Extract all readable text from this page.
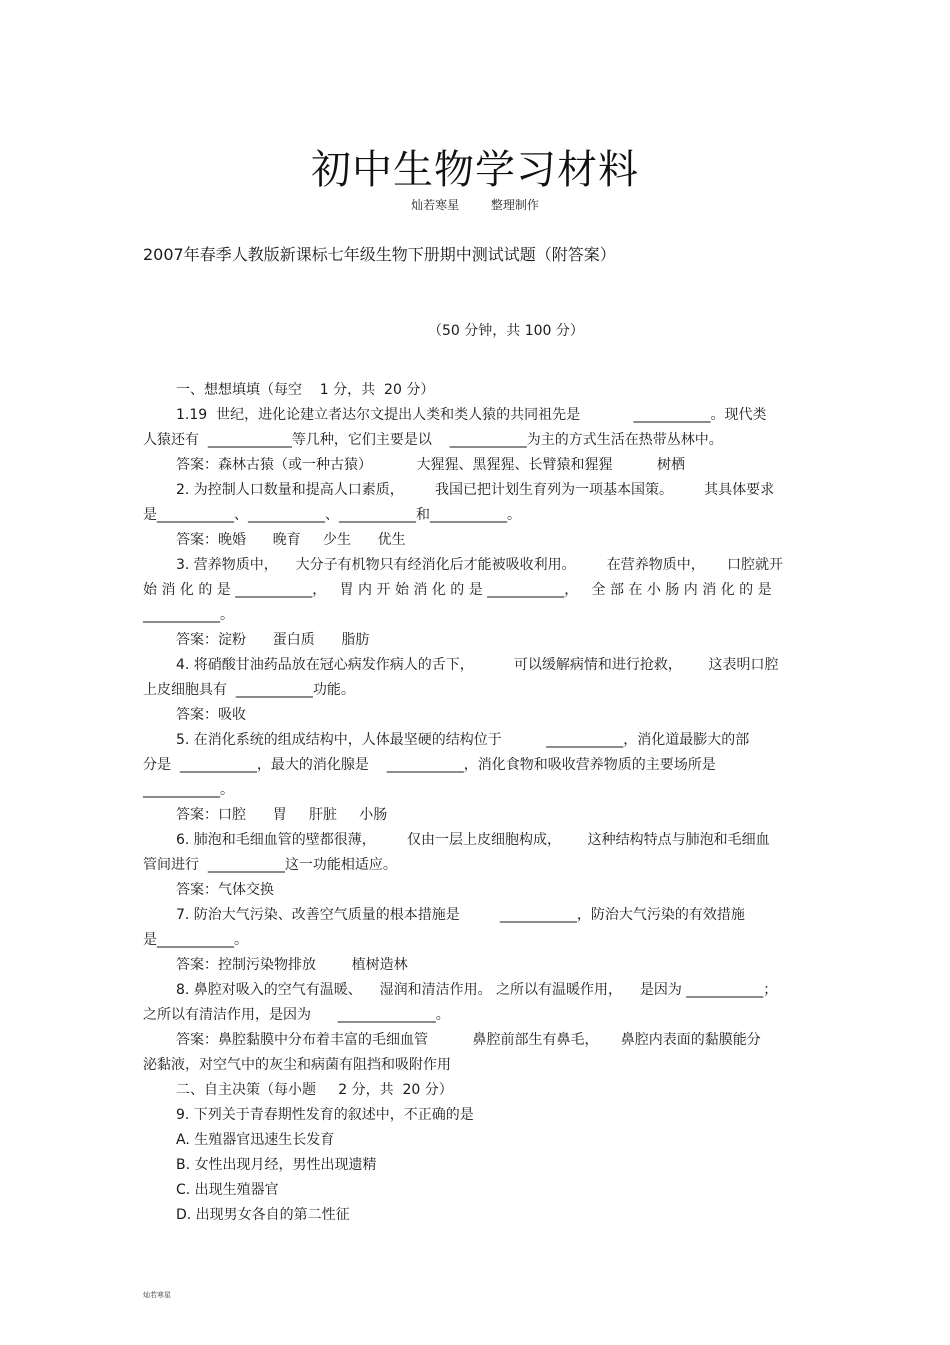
初中生物学习材料
灿若寒星	整理制作
2007年春季人教版新课标七年级生物下册期中测试试题（附答案）
（50 分钟，共 100 分）
一、想想填填（每空    1 分，共  20 分）
1.19  世纪，进化论建立者达尔文提出人类和类人猿的共同祖先是            ___________。现代类
人猿还有  ____________等几种，它们主要是以    ___________为主的方式生活在热带丛林中。
答案：森林古猿（或一种古猿）          大猩猩、黑猩猩、长臂猿和猩猩          树栖
2. 为控制人口数量和提高人口素质，       我国已把计划生育列为一项基本国策。       其具体要求
是___________、___________、___________和___________。
答案：晚婚      晚育     少生      优生
3. 营养物质中，    大分子有机物只有经消化后才能被吸收利用。       在营养物质中，     口腔就开
始 消 化 的 是 ___________，   胃 内 开 始 消 化 的 是 ___________，   全 部 在 小 肠 内 消 化 的 是
___________。
答案：淀粉      蛋白质      脂肪
4. 将硝酸甘油药品放在冠心病发作病人的舌下，         可以缓解病情和进行抢救，      这表明口腔
上皮细胞具有  ___________功能。
答案：吸收
5. 在消化系统的组成结构中，人体最坚硬的结构位于          ___________，消化道最膨大的部
分是  ___________，最大的消化腺是    ___________，消化食物和吸收营养物质的主要场所是
___________。
答案：口腔      胃     肝脏     小肠
6. 肺泡和毛细血管的壁都很薄，       仅由一层上皮细胞构成，      这种结构特点与肺泡和毛细血
管间进行  ___________这一功能相适应。
答案：气体交换
7. 防治大气污染、改善空气质量的根本措施是         ___________，防治大气污染的有效措施
是___________。
答案：控制污染物排放        植树造林
8. 鼻腔对吸入的空气有温暖、    湿润和清洁作用。 之所以有温暖作用，    是因为 ___________；
之所以有清洁作用，是因为      ______________。
答案：鼻腔黏膜中分布着丰富的毛细血管          鼻腔前部生有鼻毛，     鼻腔内表面的黏膜能分
泌黏液，对空气中的灰尘和病菌有阻挡和吸附作用
二、自主决策（每小题     2 分，共  20 分）
9. 下列关于青春期性发育的叙述中，不正确的是
A. 生殖器官迅速生长发育
B. 女性出现月经，男性出现遗精
C. 出现生殖器官
D. 出现男女各自的第二性征
灿若寒星
